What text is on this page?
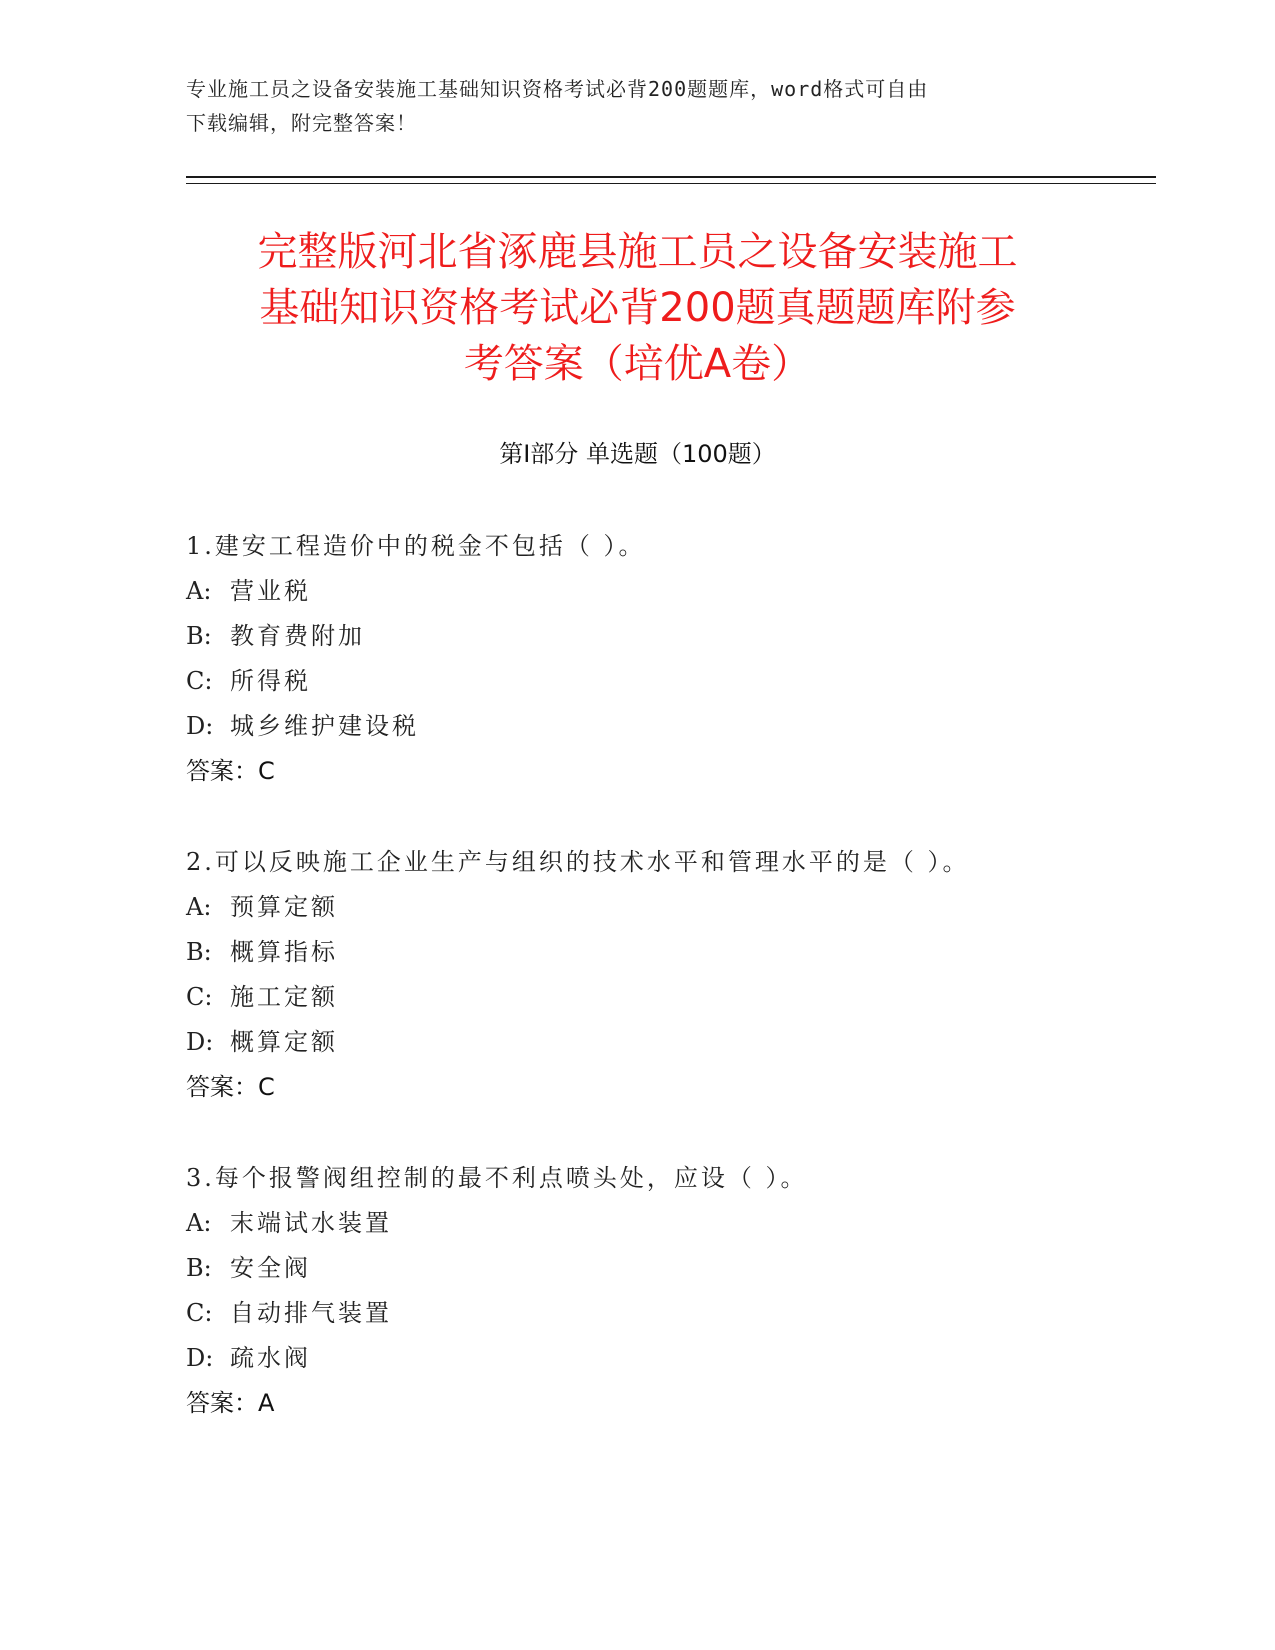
专业施工员之设备安装施工基础知识资格考试必背200题题库，word格式可自由
下载编辑，附完整答案！
完整版河北省涿鹿县施工员之设备安装施工
基础知识资格考试必背200题真题题库附参
考答案（培优A卷）
第Ⅰ部分 单选题（100题）
1.建安工程造价中的税金不包括（ ）。
A: 营业税
B: 教育费附加
C: 所得税
D: 城乡维护建设税
答案：C
2.可以反映施工企业生产与组织的技术水平和管理水平的是（ ）。
A: 预算定额
B: 概算指标
C: 施工定额
D: 概算定额
答案：C
3.每个报警阀组控制的最不利点喷头处，应设（ ）。
A: 末端试水装置
B: 安全阀
C: 自动排气装置
D: 疏水阀
答案：A
